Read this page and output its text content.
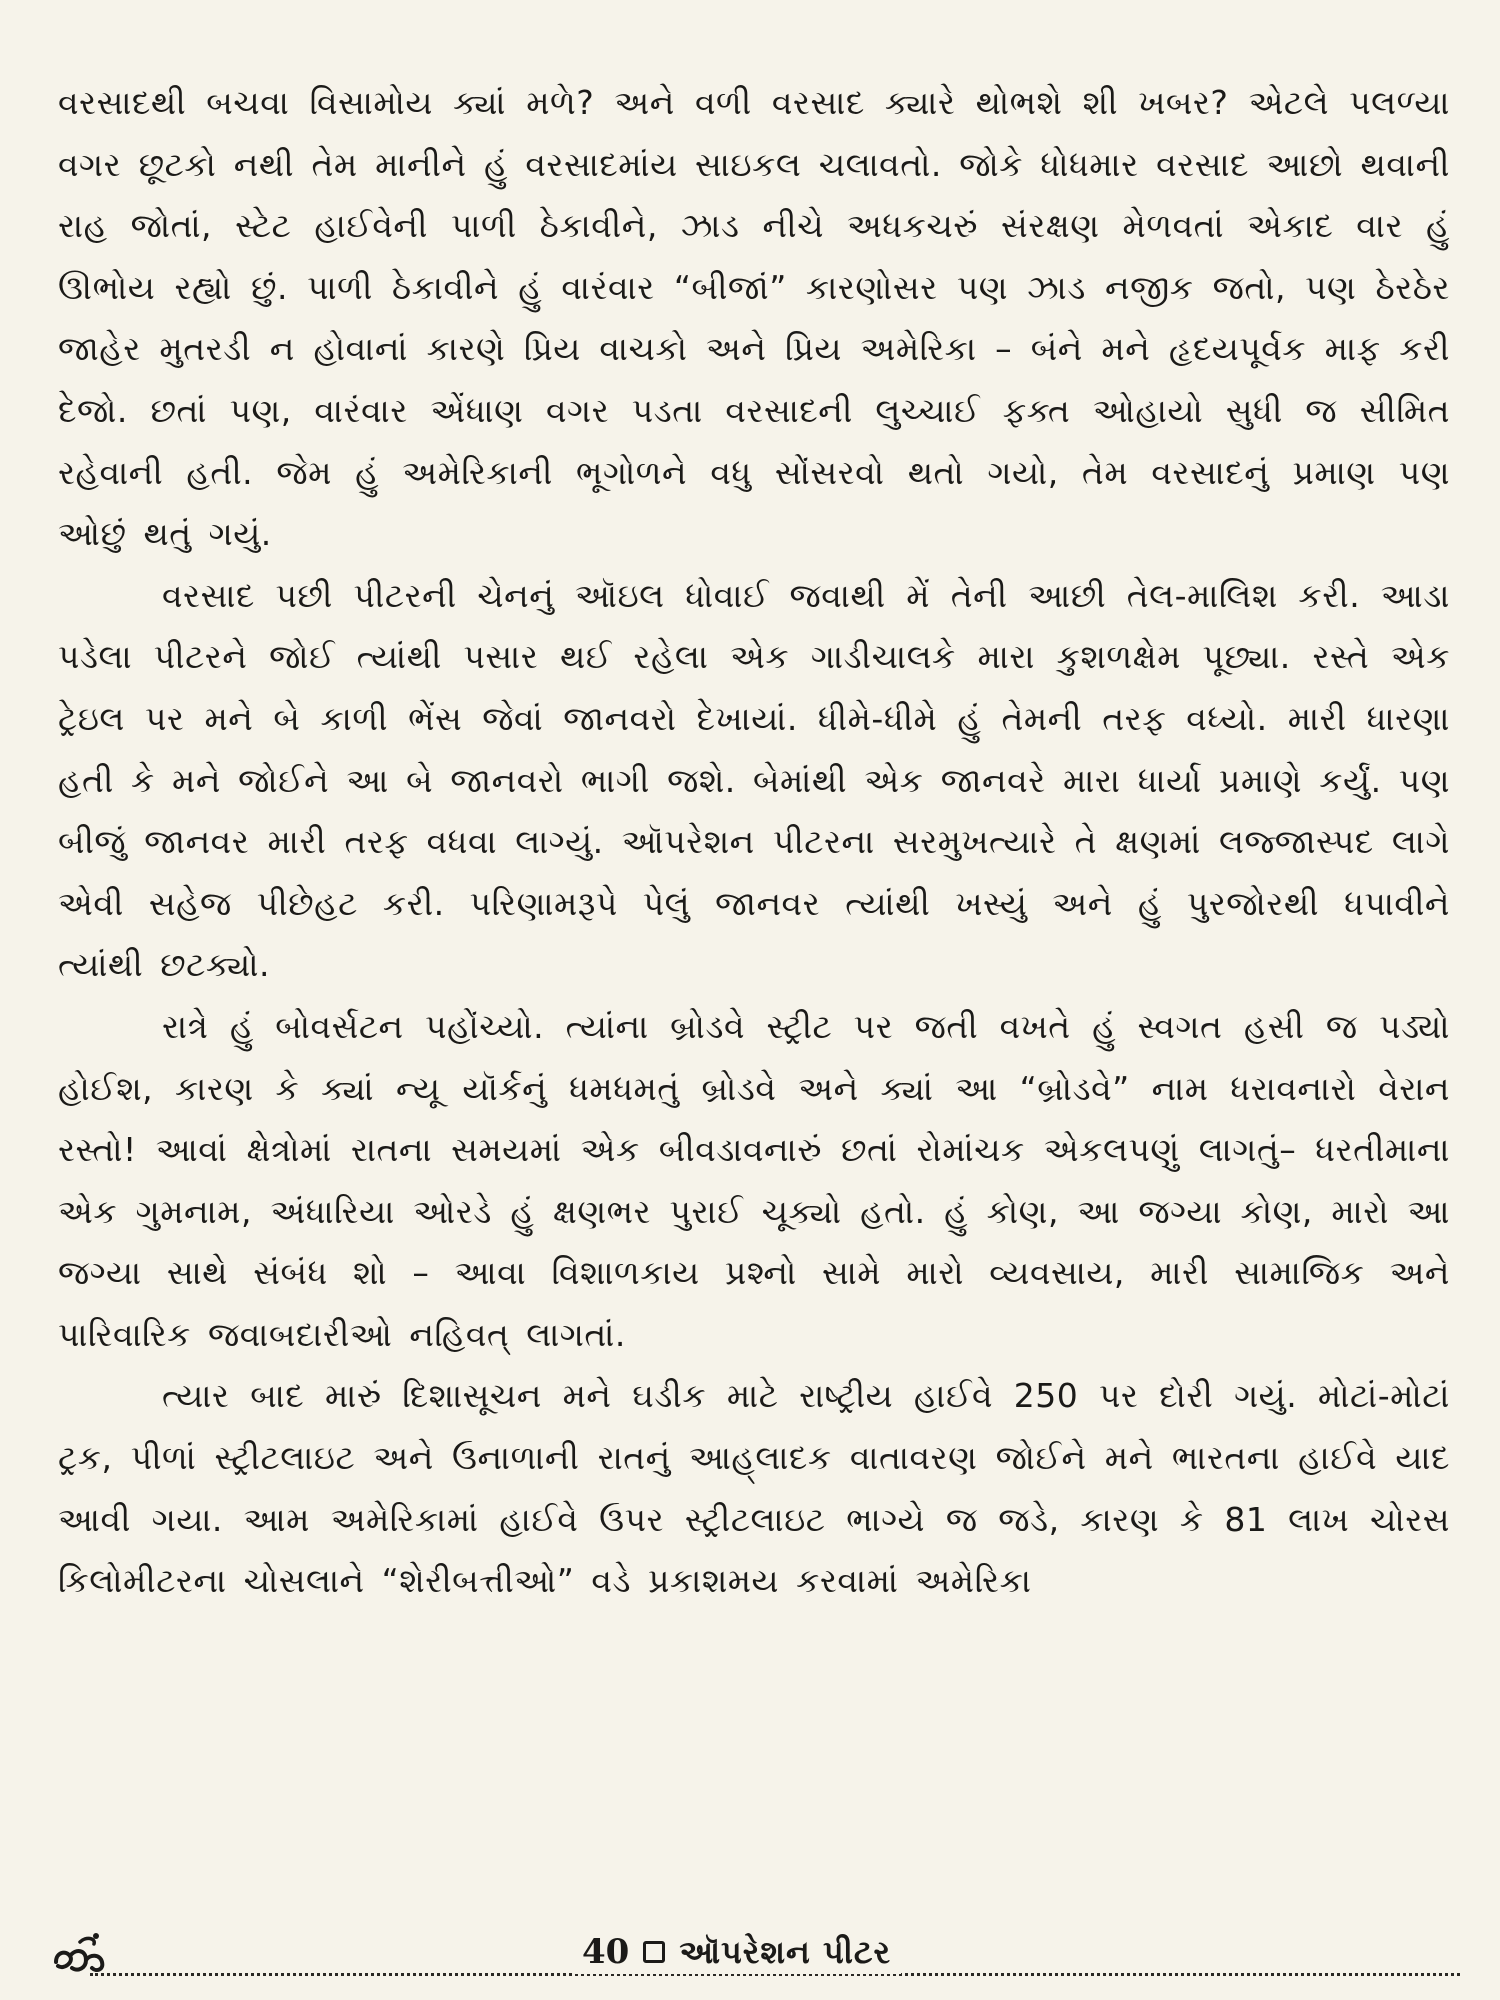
વરસાદથી બચવા વિસામોય ક્યાં મળે? અને વળી વરસાદ ક્યારે થોભશે શી ખબર? એટલે પલળ્યા વગર છૂટકો નથી તેમ માનીને હું વરસાદમાંય સાઇકલ ચલાવતો. જોકે ધોધમાર વરસાદ આછો થવાની રાહ જોતાં, સ્ટેટ હાઈવેની પાળી ઠેકાવીને, ઝાડ નીચે અધકચરું સંરક્ષણ મેળવતાં એકાદ વાર હું ઊભોય રહ્યો છું. પાળી ઠેકાવીને હું વારંવાર “બીજાં” કારણોસર પણ ઝાડ નજીક જતો, પણ ઠેરઠેર જાહેર મુતરડી ન હોવાનાં કારણે પ્રિય વાચકો અને પ્રિય અમેરિકા – બંને મને હૃદયપૂર્વક માફ કરી દેજો. છતાં પણ, વારંવાર એંધાણ વગર પડતા વરસાદની લુચ્ચાઈ ફક્ત ઓહાયો સુધી જ સીમિત રહેવાની હતી. જેમ હું અમેરિકાની ભૂગોળને વધુ સોંસરવો થતો ગયો, તેમ વરસાદનું પ્રમાણ પણ ઓછું થતું ગયું.

વરસાદ પછી પીટરની ચેનનું ઑઇલ ધોવાઈ જવાથી મેં તેની આછી તેલ-માલિશ કરી. આડા પડેલા પીટરને જોઈ ત્યાંથી પસાર થઈ રહેલા એક ગાડીચાલકે મારા કુશળક્ષેમ પૂછ્યા. રસ્તે એક ટ્રેઇલ પર મને બે કાળી ભેંસ જેવાં જાનવરો દેખાયાં. ધીમે-ધીમે હું તેમની તરફ વધ્યો. મારી ધારણા હતી કે મને જોઈને આ બે જાનવરો ભાગી જશે. બેમાંથી એક જાનવરે મારા ધાર્યા પ્રમાણે કર્યું. પણ બીજું જાનવર મારી તરફ વધવા લાગ્યું. ઑપરેશન પીટરના સરમુખત્યારે તે ક્ષણમાં લજ્જાસ્પદ લાગે એવી સહેજ પીછેહટ કરી. પરિણામરૂપે પેલું જાનવર ત્યાંથી ખસ્યું અને હું પુરજોરથી ધપાવીને ત્યાંથી છટક્યો.

રાત્રે હું બોવર્સટન પહોંચ્યો. ત્યાંના બ્રોડવે સ્ટ્રીટ પર જતી વખતે હું સ્વગત હસી જ પડ્યો હોઈશ, કારણ કે ક્યાં ન્યૂ યૉર્કનું ધમધમતું બ્રોડવે અને ક્યાં આ “બ્રોડવે” નામ ધરાવનારો વેરાન રસ્તો! આવાં ક્ષેત્રોમાં રાતના સમયમાં એક બીવડાવનારું છતાં રોમાંચક એકલપણું લાગતું– ધરતીમાના એક ગુમનામ, અંધારિયા ઓરડે હું ક્ષણભર પુરાઈ ચૂક્યો હતો. હું કોણ, આ જગ્યા કોણ, મારો આ જગ્યા સાથે સંબંધ શો – આવા વિશાળકાય પ્રશ્નો સામે મારો વ્યવસાય, મારી સામાજિક અને પારિવારિક જવાબદારીઓ નહિવત્‌ લાગતાં.

ત્યાર બાદ મારું દિશાસૂચન મને ઘડીક માટે રાષ્ટ્રીય હાઈવે 250 પર દોરી ગયું. મોટાં-મોટાં ટ્રક, પીળાં સ્ટ્રીટલાઇટ અને ઉનાળાની રાતનું આહ્‌લાદક વાતાવરણ જોઈને મને ભારતના હાઈવે યાદ આવી ગયા. આમ અમેરિકામાં હાઈવે ઉપર સ્ટ્રીટલાઇટ ભાગ્યે જ જડે, કારણ કે 81 લાખ ચોરસ કિલોમીટરના ચોસલાને “શેરીબત્તીઓ” વડે પ્રકાશમય કરવામાં અમેરિકા

40 ઑપરેશન પીટર
